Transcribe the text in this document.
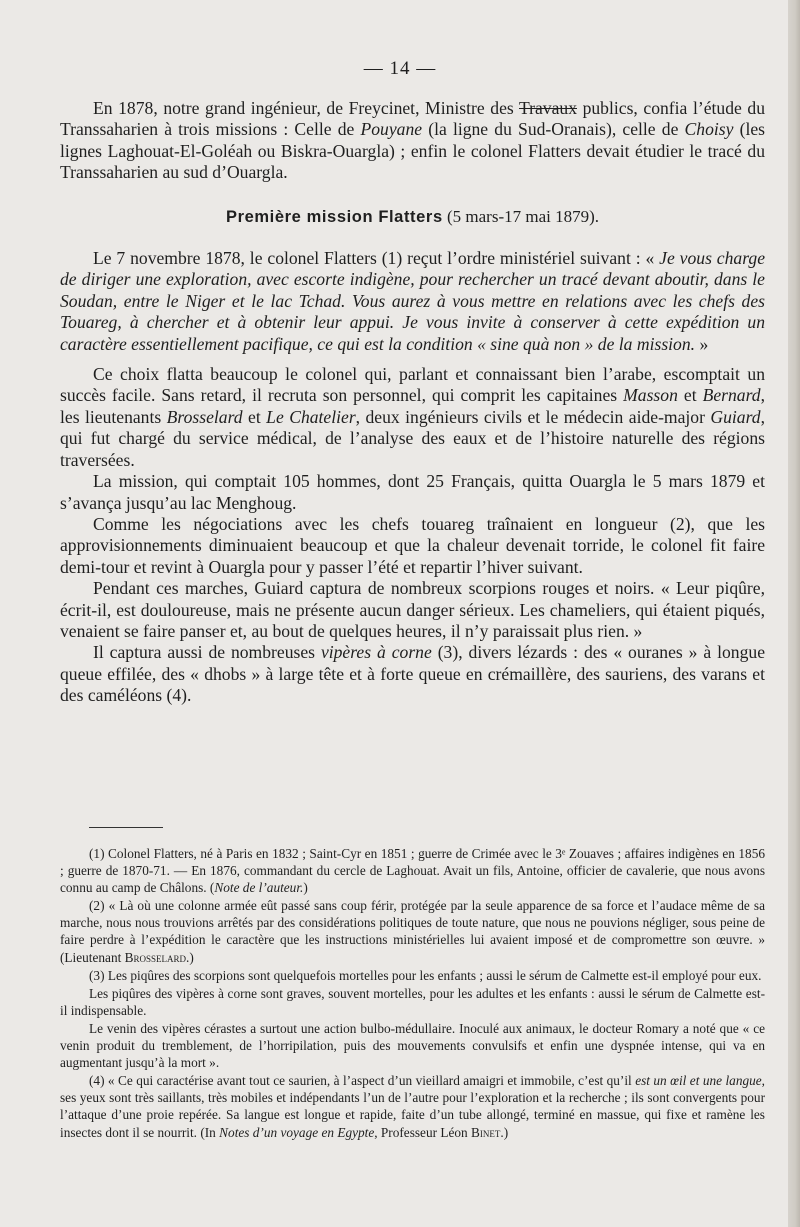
— 14 —

En 1878, notre grand ingénieur, de Freycinet, Ministre des Travaux publics, confia l’étude du Transsaharien à trois missions : Celle de Pouyane (la ligne du Sud-Oranais), celle de Choisy (les lignes Laghouat-El-Goléah ou Biskra-Ouargla) ; enfin le colonel Flatters devait étudier le tracé du Transsaharien au sud d’Ouargla.

Première mission Flatters (5 mars-17 mai 1879).

Le 7 novembre 1878, le colonel Flatters (1) reçut l’ordre ministériel suivant : « Je vous charge de diriger une exploration, avec escorte indigène, pour rechercher un tracé devant aboutir, dans le Soudan, entre le Niger et le lac Tchad. Vous aurez à vous mettre en relations avec les chefs des Touareg, à chercher et à obtenir leur appui. Je vous invite à conserver à cette expédition un caractère essentiellement pacifique, ce qui est la condition « sine quà non » de la mission. »

Ce choix flatta beaucoup le colonel qui, parlant et connaissant bien l’arabe, escomptait un succès facile. Sans retard, il recruta son personnel, qui comprit les capitaines Masson et Bernard, les lieutenants Brosselard et Le Chatelier, deux ingénieurs civils et le médecin aide-major Guiard, qui fut chargé du service médical, de l’analyse des eaux et de l’histoire naturelle des régions traversées.

La mission, qui comptait 105 hommes, dont 25 Français, quitta Ouargla le 5 mars 1879 et s’avança jusqu’au lac Menghoug.

Comme les négociations avec les chefs touareg traînaient en longueur (2), que les approvisionnements diminuaient beaucoup et que la chaleur devenait torride, le colonel fit faire demi-tour et revint à Ouargla pour y passer l’été et repartir l’hiver suivant.

Pendant ces marches, Guiard captura de nombreux scorpions rouges et noirs. « Leur piqûre, écrit-il, est douloureuse, mais ne présente aucun danger sérieux. Les chameliers, qui étaient piqués, venaient se faire panser et, au bout de quelques heures, il n’y paraissait plus rien. »

Il captura aussi de nombreuses vipères à corne (3), divers lézards : des « ouranes » à longue queue effilée, des « dhobs » à large tête et à forte queue en crémaillère, des sauriens, des varans et des caméléons (4).

(1) Colonel Flatters, né à Paris en 1832 ; Saint-Cyr en 1851 ; guerre de Crimée avec le 3ᵉ Zouaves ; affaires indigènes en 1856 ; guerre de 1870-71. — En 1876, commandant du cercle de Laghouat. Avait un fils, Antoine, officier de cavalerie, que nous avons connu au camp de Châlons. (Note de l’auteur.)

(2) « Là où une colonne armée eût passé sans coup férir, protégée par la seule apparence de sa force et l’audace même de sa marche, nous nous trouvions arrêtés par des considérations politiques de toute nature, que nous ne pouvions négliger, sous peine de faire perdre à l’expédition le caractère que les instructions ministérielles lui avaient imposé et de compromettre son œuvre. » (Lieutenant Brosselard.)

(3) Les piqûres des scorpions sont quelquefois mortelles pour les enfants ; aussi le sérum de Calmette est-il employé pour eux.

Les piqûres des vipères à corne sont graves, souvent mortelles, pour les adultes et les enfants : aussi le sérum de Calmette est-il indispensable.

Le venin des vipères cérastes a surtout une action bulbo-médullaire. Inoculé aux animaux, le docteur Romary a noté que « ce venin produit du tremblement, de l’horripilation, puis des mouvements convulsifs et enfin une dyspnée intense, qui va en augmentant jusqu’à la mort ».

(4) « Ce qui caractérise avant tout ce saurien, à l’aspect d’un vieillard amaigri et immobile, c’est qu’il est un œil et une langue, ses yeux sont très saillants, très mobiles et indépendants l’un de l’autre pour l’exploration et la recherche ; ils sont convergents pour l’attaque d’une proie repérée. Sa langue est longue et rapide, faite d’un tube allongé, terminé en massue, qui fixe et ramène les insectes dont il se nourrit. (In Notes d’un voyage en Egypte, Professeur Léon Binet.)
